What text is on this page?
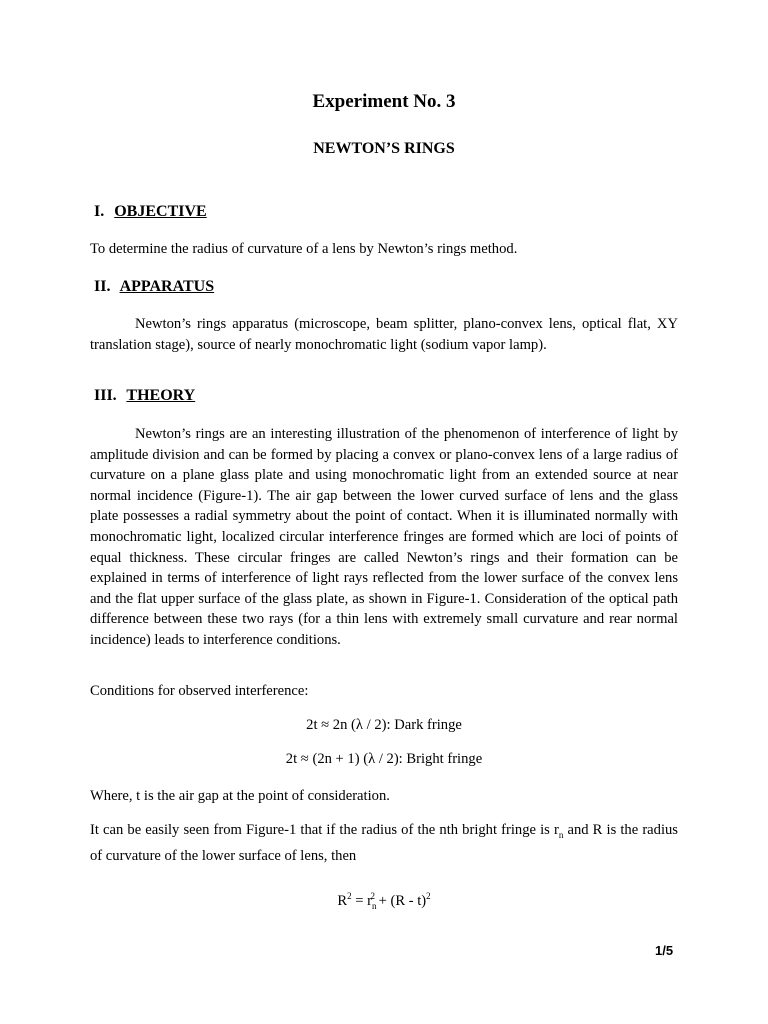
Experiment No. 3
NEWTON’S RINGS
I. OBJECTIVE
To determine the radius of curvature of a lens by Newton’s rings method.
II. APPARATUS
Newton’s rings apparatus (microscope, beam splitter, plano-convex lens, optical flat, XY translation stage), source of nearly monochromatic light (sodium vapor lamp).
III. THEORY
Newton’s rings are an interesting illustration of the phenomenon of interference of light by amplitude division and can be formed by placing a convex or plano-convex lens of a large radius of curvature on a plane glass plate and using monochromatic light from an extended source at near normal incidence (Figure-1). The air gap between the lower curved surface of lens and the glass plate possesses a radial symmetry about the point of contact. When it is illuminated normally with monochromatic light, localized circular interference fringes are formed which are loci of points of equal thickness. These circular fringes are called Newton’s rings and their formation can be explained in terms of interference of light rays reflected from the lower surface of the convex lens and the flat upper surface of the glass plate, as shown in Figure-1. Consideration of the optical path difference between these two rays (for a thin lens with extremely small curvature and rear normal incidence) leads to interference conditions.
Conditions for observed interference:
2t ≈ 2n (λ / 2): Dark fringe
2t ≈ (2n + 1) (λ / 2): Bright fringe
Where, t is the air gap at the point of consideration.
It can be easily seen from Figure-1 that if the radius of the nth bright fringe is $r_n$ and R is the radius of curvature of the lower surface of lens, then
$R^2 = r_n^2 + (R - t)^2$
1/5
